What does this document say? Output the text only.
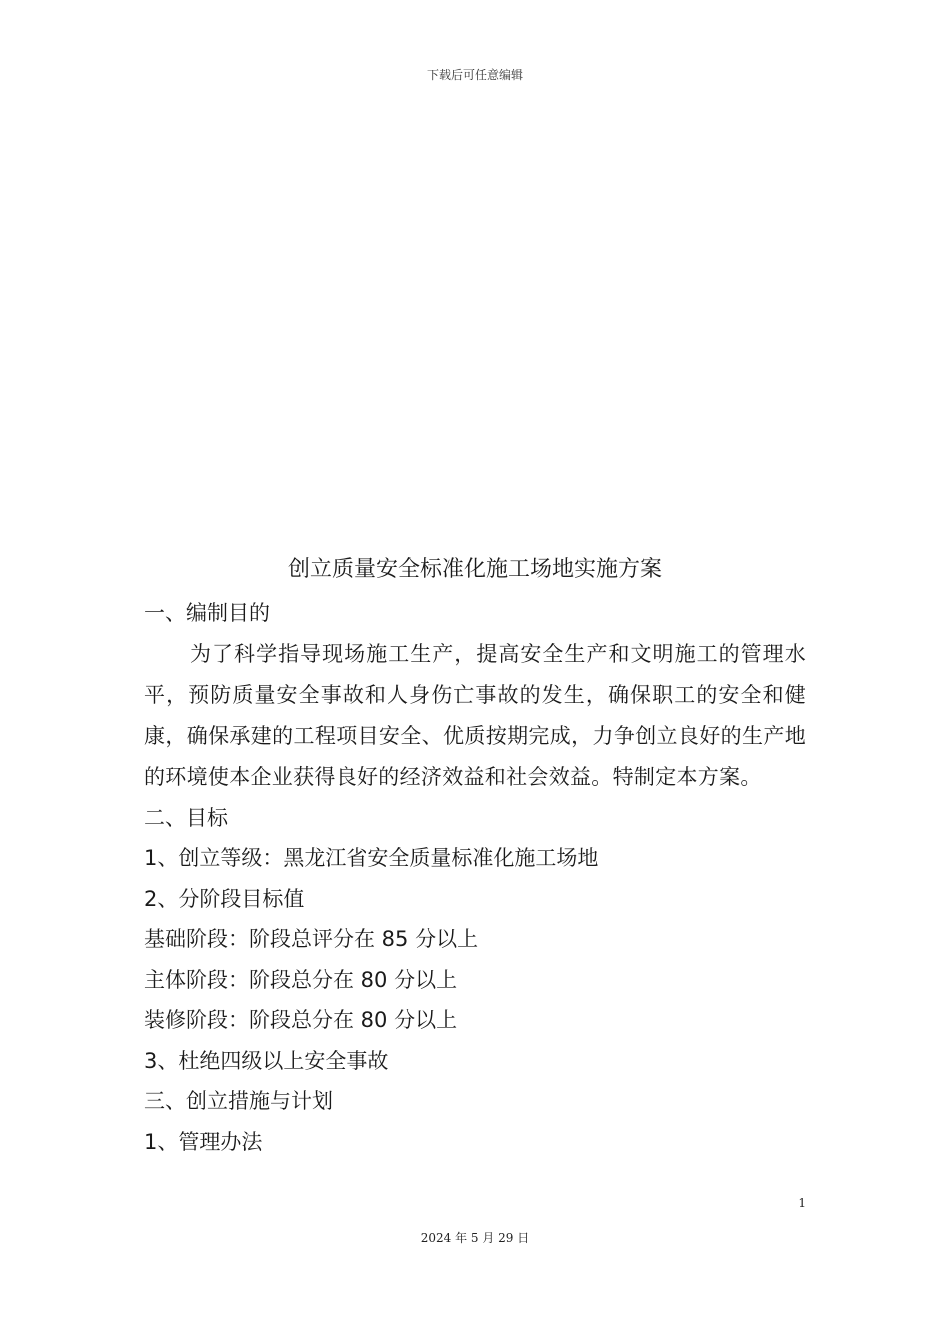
下载后可任意编辑
创立质量安全标准化施工场地实施方案

一、编制目的

为了科学指导现场施工生产，提高安全生产和文明施工的管理水平，预防质量安全事故和人身伤亡事故的发生，确保职工的安全和健康，确保承建的工程项目安全、优质按期完成，力争创立良好的生产地的环境使本企业获得良好的经济效益和社会效益。特制定本方案。

二、目标

1、创立等级：黑龙江省安全质量标准化施工场地

2、分阶段目标值

基础阶段：阶段总评分在 85 分以上

主体阶段：阶段总分在 80 分以上

装修阶段：阶段总分在 80 分以上

3、杜绝四级以上安全事故

三、创立措施与计划

1、管理办法

1
2024 年 5 月 29 日
